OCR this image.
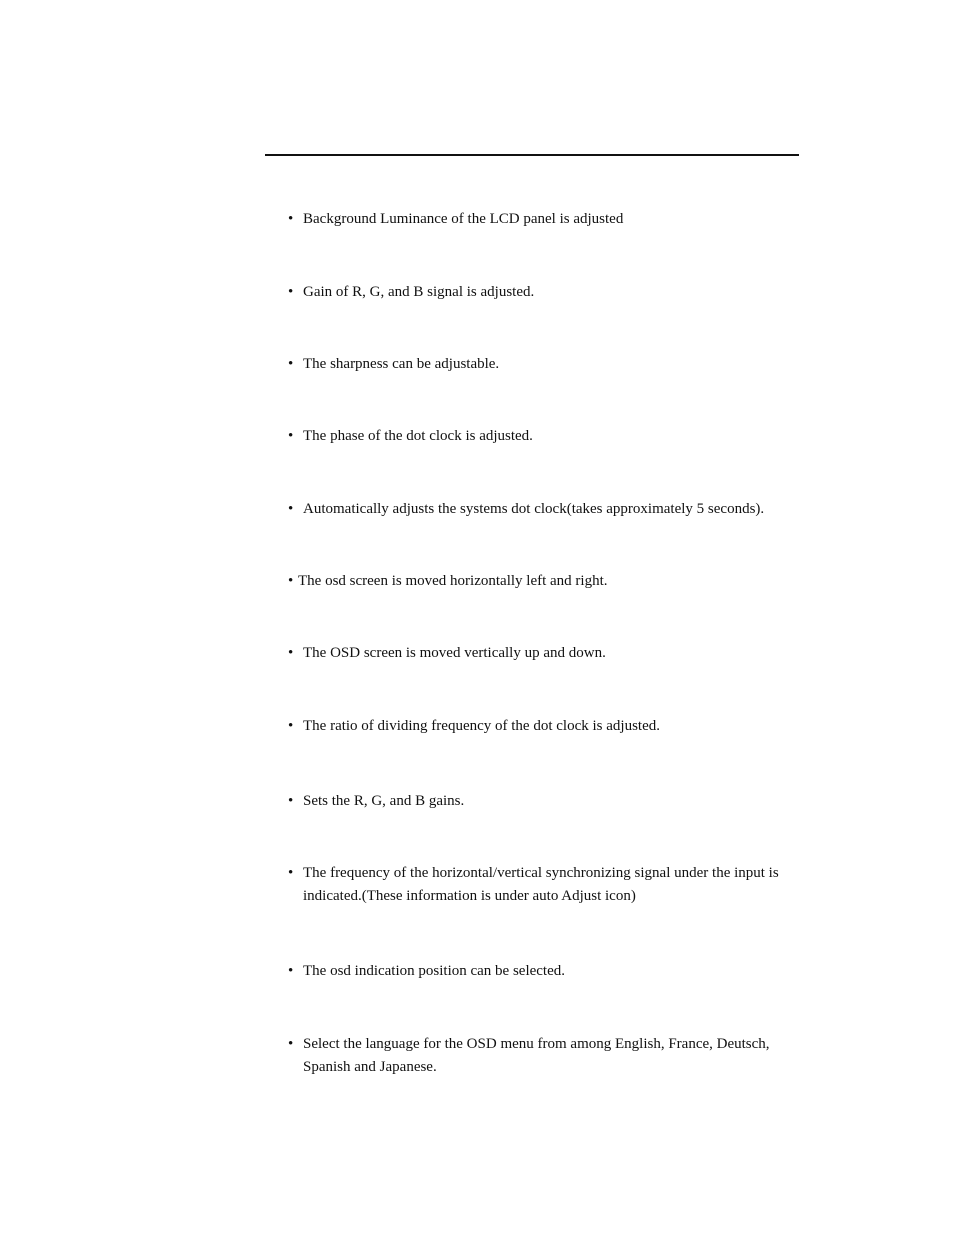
• Background Luminance of the LCD panel is adjusted
• Gain of R, G, and B signal is adjusted.
• The sharpness can be adjustable.
• The phase of the dot clock is adjusted.
• Automatically adjusts the systems dot clock(takes approximately 5 seconds).
• The osd screen is moved horizontally left and right.
• The OSD screen is moved vertically up and down.
• The ratio of dividing frequency of the dot clock is adjusted.
• Sets the R, G, and B gains.
• The frequency of the horizontal/vertical synchronizing signal under the input is
indicated.(These information is under auto Adjust icon)
• The osd indication position can be selected.
• Select the language for the OSD menu from among English, France, Deutsch,
Spanish and Japanese.
